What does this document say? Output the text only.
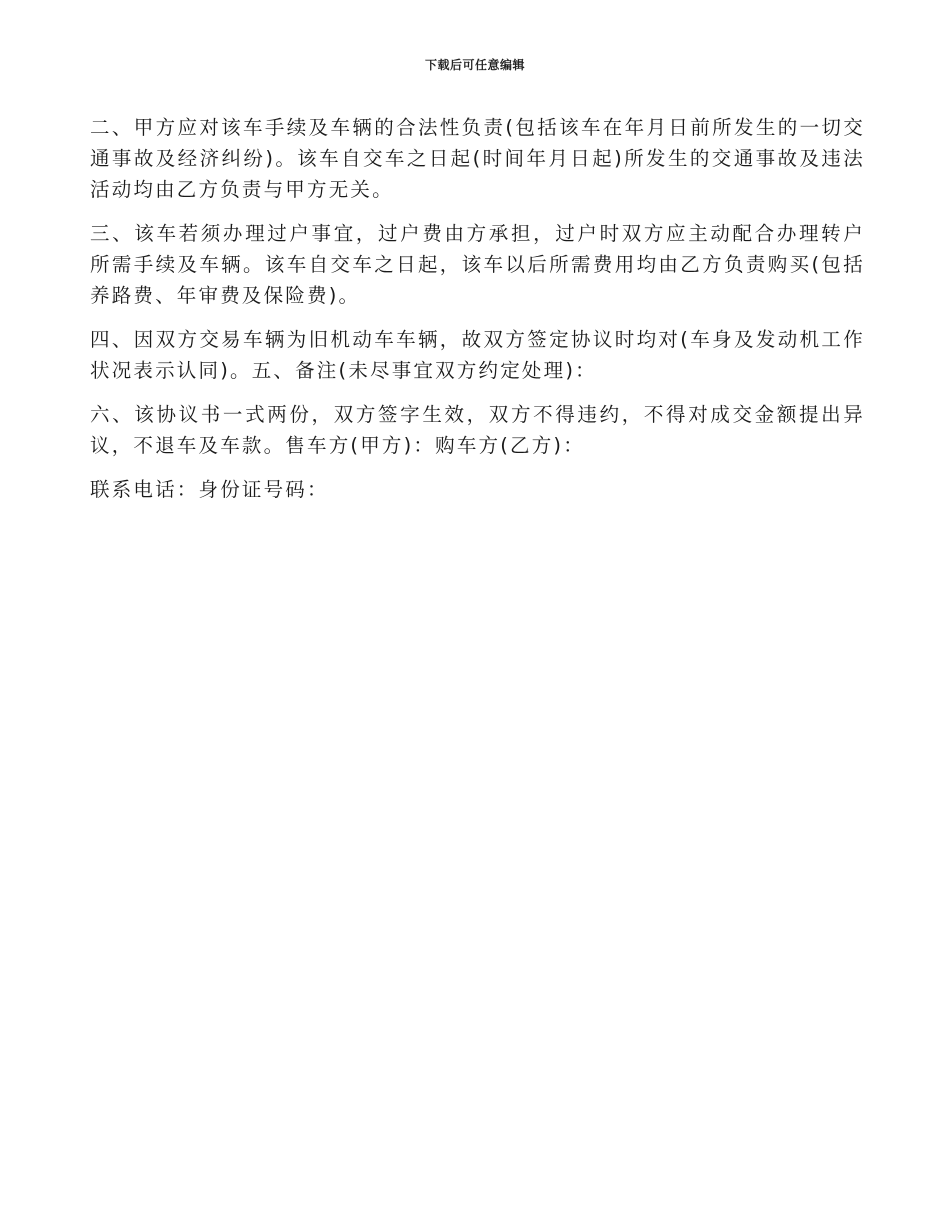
下载后可任意编辑

二、甲方应对该车手续及车辆的合法性负责(包括该车在年月日前所发生的一切交通事故及经济纠纷)。该车自交车之日起(时间年月日起)所发生的交通事故及违法活动均由乙方负责与甲方无关。

三、该车若须办理过户事宜，过户费由方承担，过户时双方应主动配合办理转户所需手续及车辆。该车自交车之日起，该车以后所需费用均由乙方负责购买(包括养路费、年审费及保险费)。

四、因双方交易车辆为旧机动车车辆，故双方签定协议时均对(车身及发动机工作状况表示认同)。五、备注(未尽事宜双方约定处理)：

六、该协议书一式两份，双方签字生效，双方不得违约，不得对成交金额提出异议，不退车及车款。售车方(甲方)：购车方(乙方)：

联系电话：身份证号码：
